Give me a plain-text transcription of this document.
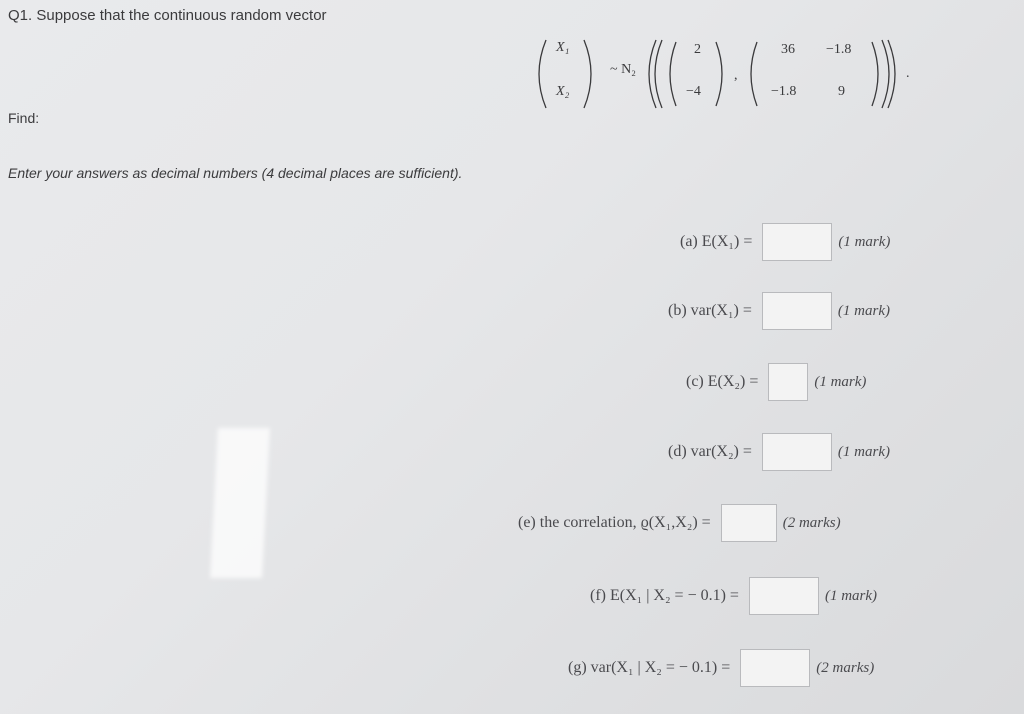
Q1. Suppose that the continuous random vector
X₁
X₂
~ N₂
2
−4
,
36 −1.8
−1.8	9
.
Find:
Enter your answers as decimal numbers (4 decimal places are sufficient).
(a)
E(X₁) =	(1 mark)
(b)
var(X₁) =	(1 mark)
(c)
E(X₂) =	(1 mark)
(d)
var(X₂) =	(1 mark)
(e)
the correlation, ϱ(X₁,X₂) =	(2 marks)
(f)
E(X₁ | X₂ = − 0.1) =	(1 mark)
(g)
var(X₁ | X₂ = − 0.1) =	(2 marks)
